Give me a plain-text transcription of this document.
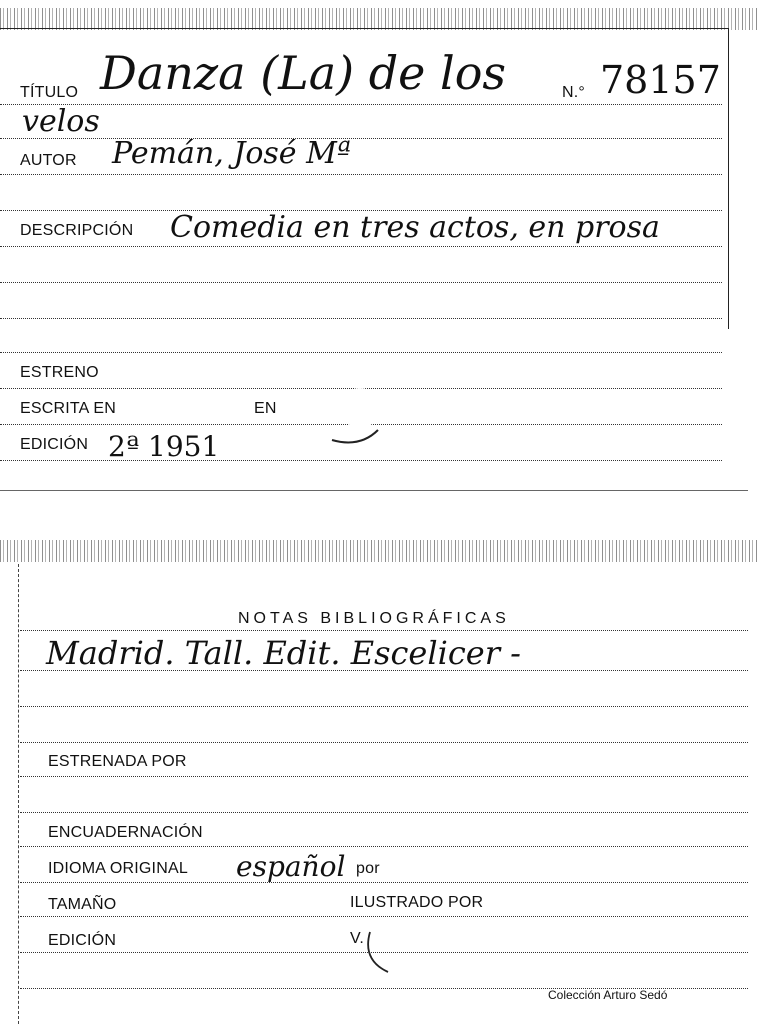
TÍTULO Danza (La) de los
velos
N.° 78157
AUTOR Pemán, José Mª
DESCRIPCIÓN Comedia en tres actos, en prosa
ESTRENO
ESCRITA EN	EN
EDICIÓN 2ª 1951
NOTAS BIBLIOGRÁFICAS
Madrid. Tall. Edit. Escelicer -
ESTRENADA POR
ENCUADERNACIÓN
IDIOMA ORIGINAL español por
TAMAÑO	ILUSTRADO POR
EDICIÓN	V.
Colección Arturo Sedó
